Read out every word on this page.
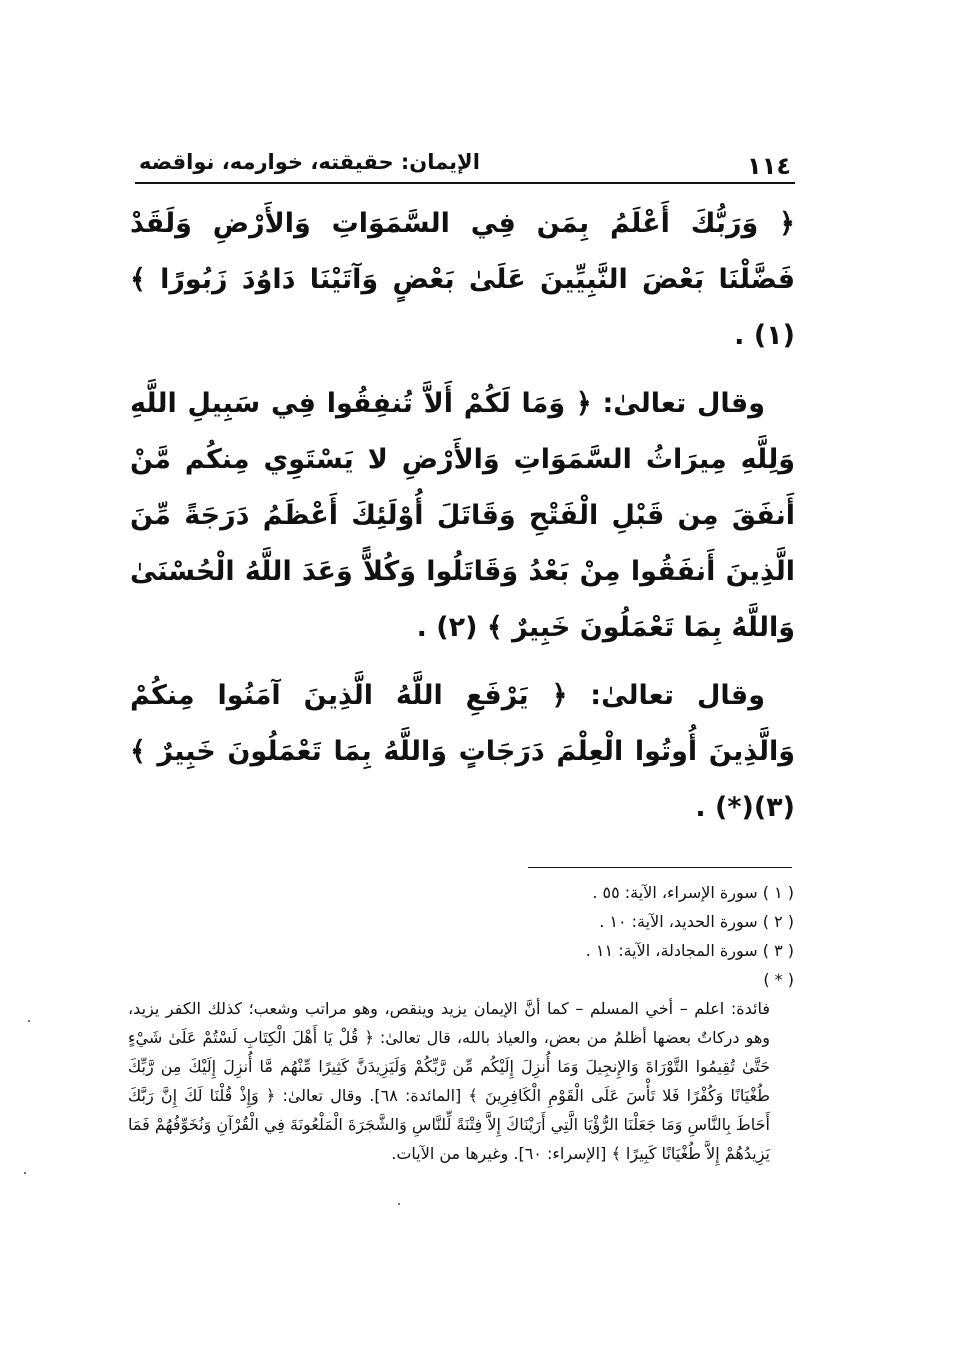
١١٤
الإيمان: حقيقته، خوارمه، نواقضه

﴿ وَرَبُّكَ أَعْلَمُ بِمَن فِي السَّمَوَاتِ وَالأَرْضِ وَلَقَدْ فَضَّلْنَا بَعْضَ النَّبِيِّينَ عَلَىٰ بَعْضٍ وَآتَيْنَا دَاوُدَ زَبُورًا ﴾ (١) .

وقال تعالىٰ: ﴿ وَمَا لَكُمْ أَلاَّ تُنفِقُوا فِي سَبِيلِ اللَّهِ وَلِلَّهِ مِيرَاثُ السَّمَوَاتِ وَالأَرْضِ لا يَسْتَوِي مِنكُم مَّنْ أَنفَقَ مِن قَبْلِ الْفَتْحِ وَقَاتَلَ أُوْلَئِكَ أَعْظَمُ دَرَجَةً مِّنَ الَّذِينَ أَنفَقُوا مِنْ بَعْدُ وَقَاتَلُوا وَكُلاًّ وَعَدَ اللَّهُ الْحُسْنَىٰ وَاللَّهُ بِمَا تَعْمَلُونَ خَبِيرٌ ﴾ (٢) .

وقال تعالىٰ: ﴿ يَرْفَعِ اللَّهُ الَّذِينَ آمَنُوا مِنكُمْ وَالَّذِينَ أُوتُوا الْعِلْمَ دَرَجَاتٍ وَاللَّهُ بِمَا تَعْمَلُونَ خَبِيرٌ ﴾ (٣)(*) .

( ١ ) سورة الإسراء، الآية: ٥٥ .

( ٢ ) سورة الحديد، الآية: ١٠ .

( ٣ ) سورة المجادلة، الآية: ١١ .

( * )
فائدة: اعلم – أخي المسلم – كما أنَّ الإيمان يزيد وينقص، وهو مراتب وشعب؛ كذلك الكفر يزيد، وهو دركاتٌ بعضها أظلمُ من بعض، والعياذ بالله، قال تعالىٰ: ﴿ قُلْ يَا أَهْلَ الْكِتَابِ لَسْتُمْ عَلَىٰ شَيْءٍ حَتَّىٰ تُقِيمُوا التَّوْرَاةَ وَالإِنجِيلَ وَمَا أُنزِلَ إِلَيْكُم مِّن رَّبِّكُمْ وَلَيَزِيدَنَّ كَثِيرًا مِّنْهُم مَّا أُنزِلَ إِلَيْكَ مِن رَّبِّكَ طُغْيَانًا وَكُفْرًا فَلا تَأْسَ عَلَى الْقَوْمِ الْكَافِرِينَ ﴾ [المائدة: ٦٨]. وقال تعالىٰ: ﴿ وَإِذْ قُلْنَا لَكَ إِنَّ رَبَّكَ أَحَاطَ بِالنَّاسِ وَمَا جَعَلْنَا الرُّؤْيَا الَّتِي أَرَيْنَاكَ إِلاَّ فِتْنَةً لِّلنَّاسِ وَالشَّجَرَةَ الْمَلْعُونَةَ فِي الْقُرْآنِ وَنُخَوِّفُهُمْ فَمَا يَزِيدُهُمْ إِلاَّ طُغْيَانًا كَبِيرًا ﴾ [الإسراء: ٦٠]. وغيرها من الآيات.
